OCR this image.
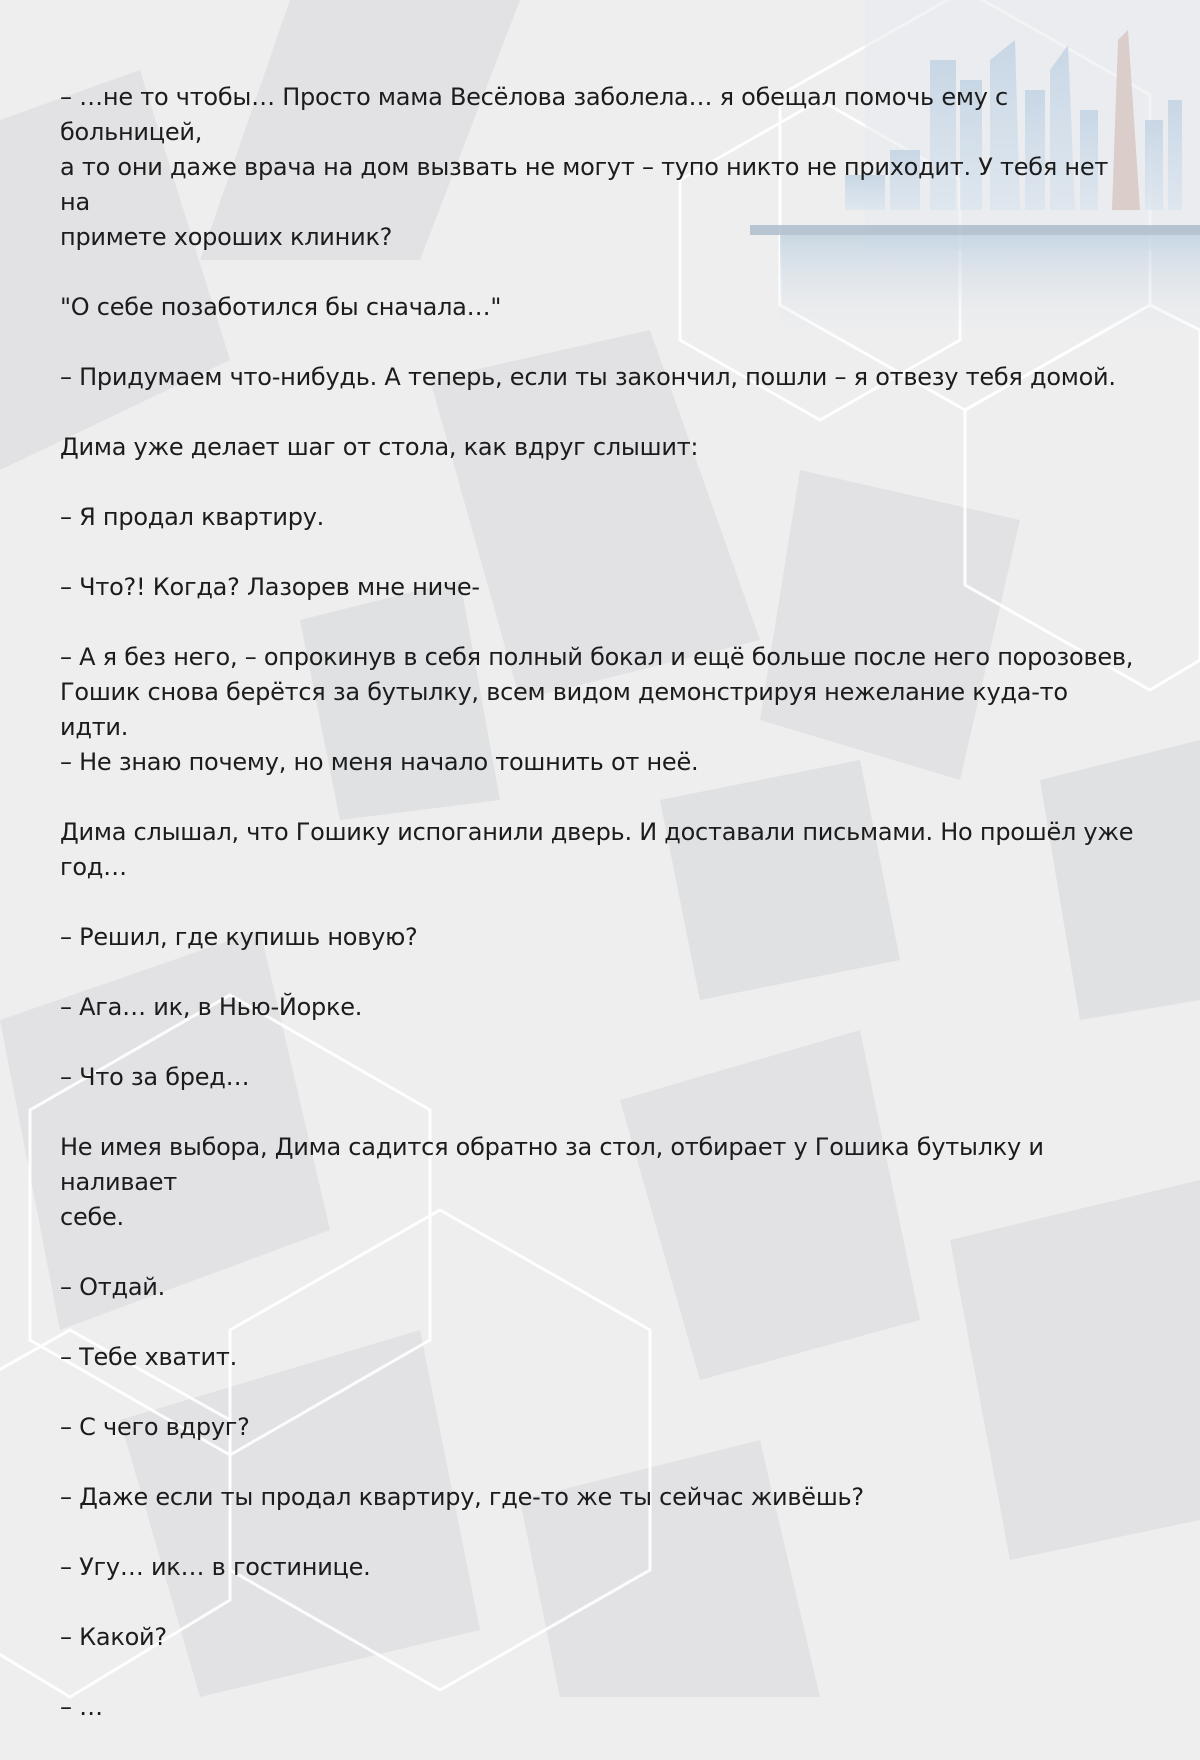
– …не то чтобы… Просто мама Весёлова заболела… я обещал помочь ему с больницей,
а то они даже врача на дом вызвать не могут – тупо никто не приходит. У тебя нет на
примете хороших клиник?

"О себе позаботился бы сначала…"

– Придумаем что-нибудь. А теперь, если ты закончил, пошли – я отвезу тебя домой.

Дима уже делает шаг от стола, как вдруг слышит:

– Я продал квартиру.

– Что?! Когда? Лазорев мне ниче-

– А я без него, – опрокинув в себя полный бокал и ещё больше после него порозовев,
Гошик снова берётся за бутылку, всем видом демонстрируя нежелание куда-то идти.
– Не знаю почему, но меня начало тошнить от неё.

Дима слышал, что Гошику испоганили дверь. И доставали письмами. Но прошёл уже
год…

– Решил, где купишь новую?

– Ага… ик, в Нью-Йорке.

– Что за бред…

Не имея выбора, Дима садится обратно за стол, отбирает у Гошика бутылку и наливает
себе.

– Отдай.

– Тебе хватит.

– С чего вдруг?

– Даже если ты продал квартиру, где-то же ты сейчас живёшь?

– Угу… ик… в гостинице.

– Какой?

– …
